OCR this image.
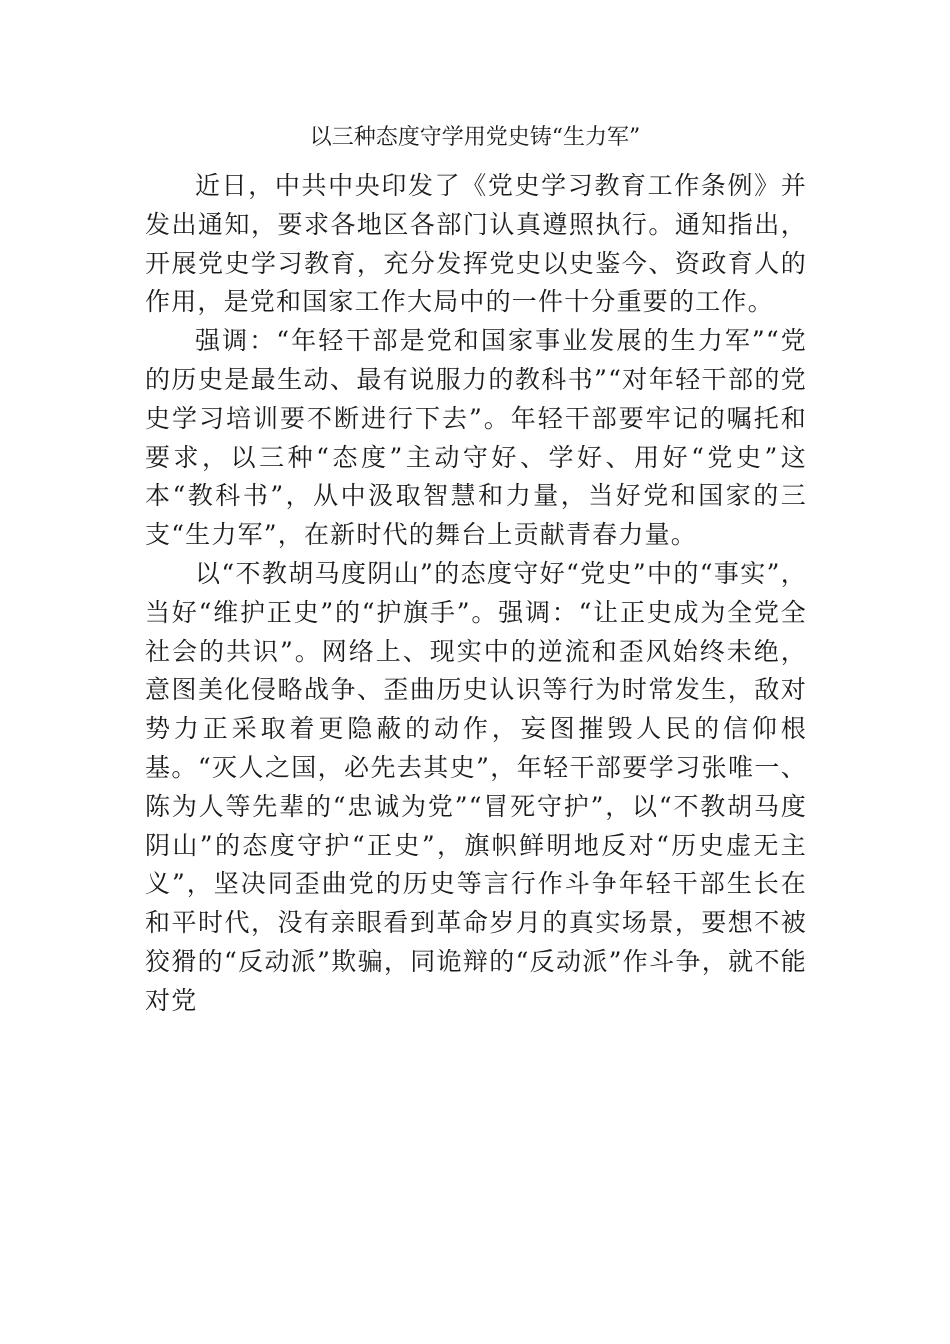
以三种态度守学用党史铸“生力军”

近日，中共中央印发了《党史学习教育工作条例》并发出通知，要求各地区各部门认真遵照执行。通知指出，开展党史学习教育，充分发挥党史以史鉴今、资政育人的作用，是党和国家工作大局中的一件十分重要的工作。

强调：“年轻干部是党和国家事业发展的生力军”“党的历史是最生动、最有说服力的教科书”“对年轻干部的党史学习培训要不断进行下去”。年轻干部要牢记的嘱托和要求，以三种“态度”主动守好、学好、用好“党史”这本“教科书”，从中汲取智慧和力量，当好党和国家的三支“生力军”，在新时代的舞台上贡献青春力量。

以“不教胡马度阴山”的态度守好“党史”中的“事实”，当好“维护正史”的“护旗手”。强调：“让正史成为全党全社会的共识”。网络上、现实中的逆流和歪风始终未绝，意图美化侵略战争、歪曲历史认识等行为时常发生，敌对势力正采取着更隐蔽的动作，妄图摧毁人民的信仰根基。“灭人之国，必先去其史”，年轻干部要学习张唯一、陈为人等先辈的“忠诚为党”“冒死守护”，以“不教胡马度阴山”的态度守护“正史”，旗帜鲜明地反对“历史虚无主义”，坚决同歪曲党的历史等言行作斗争年轻干部生长在和平时代，没有亲眼看到革命岁月的真实场景，要想不被狡猾的“反动派”欺骗，同诡辩的“反动派”作斗争，就不能对党
